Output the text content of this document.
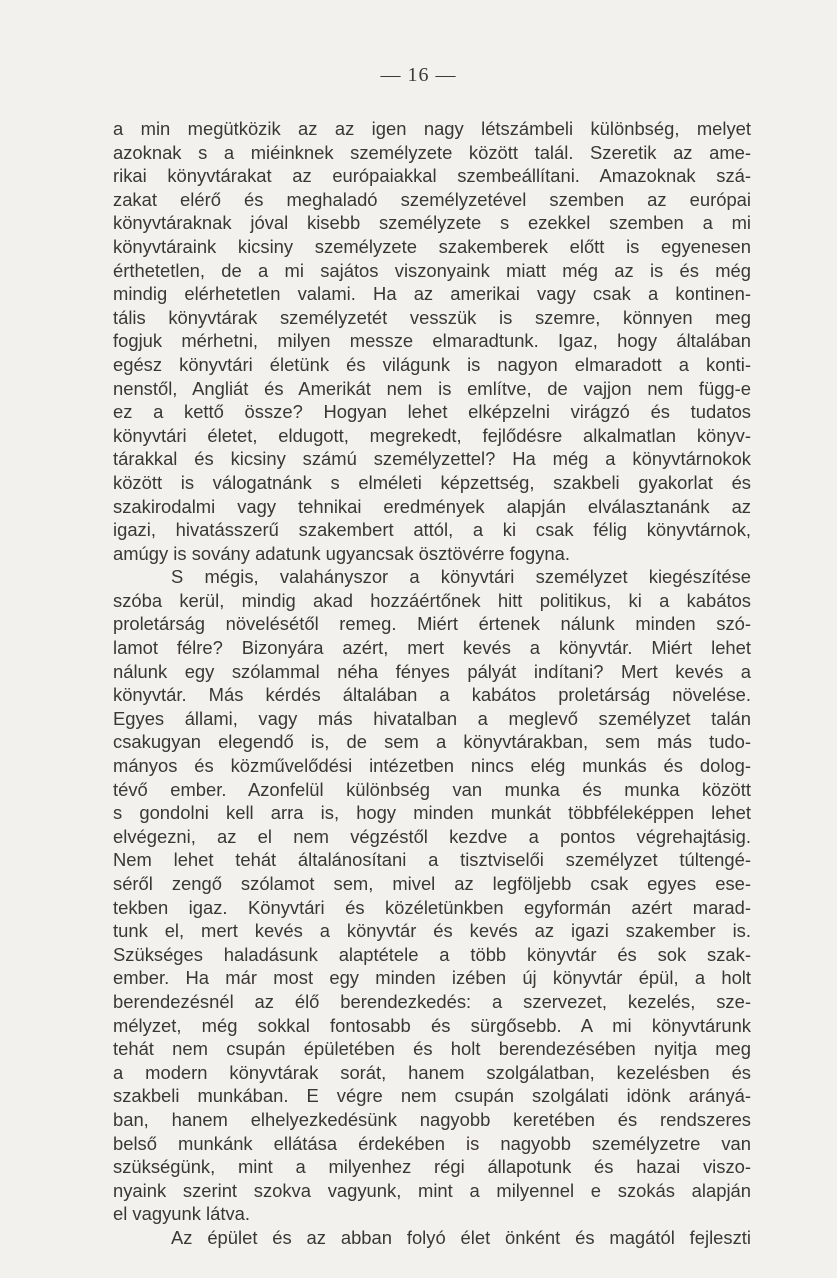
— 16 —
a min megütközik az az igen nagy létszámbeli különbség, melyet
azoknak s a miéinknek személyzete között talál. Szeretik az ame-
rikai könyvtárakat az európaiakkal szembeállítani. Amazoknak szá-
zakat elérő és meghaladó személyzetével szemben az európai
könyvtáraknak jóval kisebb személyzete s ezekkel szemben a mi
könyvtáraink kicsiny személyzete szakemberek előtt is egyenesen
érthetetlen, de a mi sajátos viszonyaink miatt még az is és még
mindig elérhetetlen valami. Ha az amerikai vagy csak a kontinen-
tális könyvtárak személyzetét vesszük is szemre, könnyen meg
fogjuk mérhetni, milyen messze elmaradtunk. Igaz, hogy általában
egész könyvtári életünk és világunk is nagyon elmaradott a konti-
nenstől, Angliát és Amerikát nem is említve, de vajjon nem függ-e
ez a kettő össze? Hogyan lehet elképzelni virágzó és tudatos
könyvtári életet, eldugott, megrekedt, fejlődésre alkalmatlan könyv-
tárakkal és kicsiny számú személyzettel? Ha még a könyvtárnokok
között is válogatnánk s elméleti képzettség, szakbeli gyakorlat és
szakirodalmi vagy tehnikai eredmények alapján elválasztanánk az
igazi, hivatásszerű szakembert attól, a ki csak félig könyvtárnok,
amúgy is sovány adatunk ugyancsak ösztövérre fogyna.
S mégis, valahányszor a könyvtári személyzet kiegészítése
szóba kerül, mindig akad hozzáértőnek hitt politikus, ki a kabátos
proletárság növelésétől remeg. Miért értenek nálunk minden szó-
lamot félre? Bizonyára azért, mert kevés a könyvtár. Miért lehet
nálunk egy szólammal néha fényes pályát indítani? Mert kevés a
könyvtár. Más kérdés általában a kabátos proletárság növelése.
Egyes állami, vagy más hivatalban a meglevő személyzet talán
csakugyan elegendő is, de sem a könyvtárakban, sem más tudo-
mányos és közművelődési intézetben nincs elég munkás és dolog-
tévő ember. Azonfelül különbség van munka és munka között
s gondolni kell arra is, hogy minden munkát többféleképpen lehet
elvégezni, az el nem végzéstől kezdve a pontos végrehajtásig.
Nem lehet tehát általánosítani a tisztviselői személyzet túltengé-
séről zengő szólamot sem, mivel az legföljebb csak egyes ese-
tekben igaz. Könyvtári és közéletünkben egyformán azért marad-
tunk el, mert kevés a könyvtár és kevés az igazi szakember is.
Szükséges haladásunk alaptétele a több könyvtár és sok szak-
ember. Ha már most egy minden izében új könyvtár épül, a holt
berendezésnél az élő berendezkedés: a szervezet, kezelés, sze-
mélyzet, még sokkal fontosabb és sürgősebb. A mi könyvtárunk
tehát nem csupán épületében és holt berendezésében nyitja meg
a modern könyvtárak sorát, hanem szolgálatban, kezelésben és
szakbeli munkában. E végre nem csupán szolgálati idönk arányá-
ban, hanem elhelyezkedésünk nagyobb keretében és rendszeres
belső munkánk ellátása érdekében is nagyobb személyzetre van
szükségünk, mint a milyenhez régi állapotunk és hazai viszo-
nyaink szerint szokva vagyunk, mint a milyennel e szokás alapján
el vagyunk látva.
Az épület és az abban folyó élet önként és magától fejleszti
